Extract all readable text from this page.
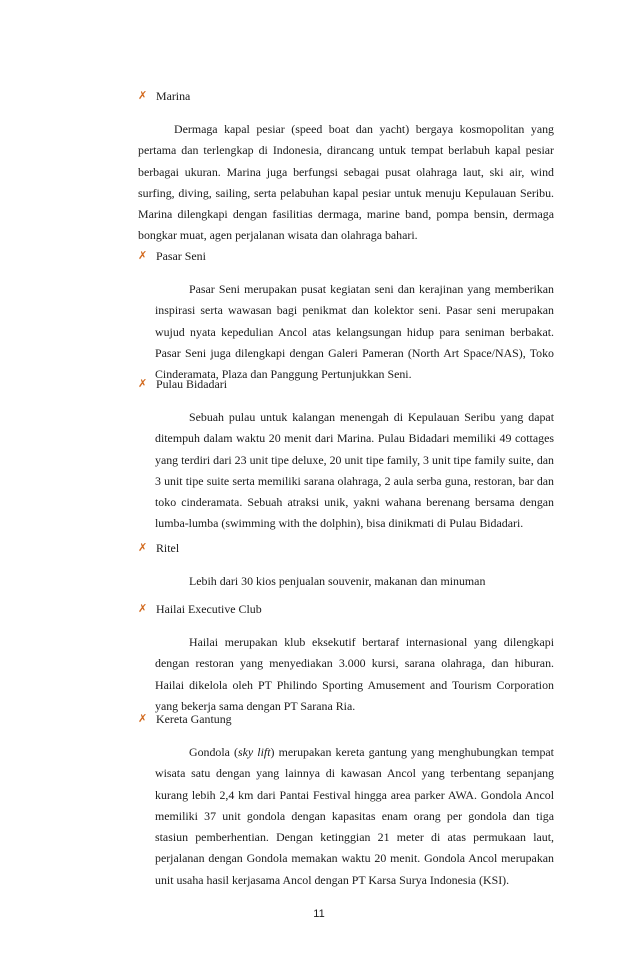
✗ Marina

Dermaga kapal pesiar (speed boat dan yacht) bergaya kosmopolitan yang pertama dan terlengkap di Indonesia, dirancang untuk tempat berlabuh kapal pesiar berbagai ukuran. Marina juga berfungsi sebagai pusat olahraga laut, ski air, wind surfing, diving, sailing, serta pelabuhan kapal pesiar untuk menuju Kepulauan Seribu. Marina dilengkapi dengan fasilitias dermaga, marine band, pompa bensin, dermaga bongkar muat, agen perjalanan wisata dan olahraga bahari.

✗ Pasar Seni

Pasar Seni merupakan pusat kegiatan seni dan kerajinan yang memberikan inspirasi serta wawasan bagi penikmat dan kolektor seni. Pasar seni merupakan wujud nyata kepedulian Ancol atas kelangsungan hidup para seniman berbakat. Pasar Seni juga dilengkapi dengan Galeri Pameran (North Art Space/NAS), Toko Cinderamata, Plaza dan Panggung Pertunjukkan Seni.

✗ Pulau Bidadari

Sebuah pulau untuk kalangan menengah di Kepulauan Seribu yang dapat ditempuh dalam waktu 20 menit dari Marina. Pulau Bidadari memiliki 49 cottages yang terdiri dari 23 unit tipe deluxe, 20 unit tipe family, 3 unit tipe family suite, dan 3 unit tipe suite serta memiliki sarana olahraga, 2 aula serba guna, restoran, bar dan toko cinderamata. Sebuah atraksi unik, yakni wahana berenang bersama dengan lumba-lumba (swimming with the dolphin), bisa dinikmati di Pulau Bidadari.

✗ Ritel

Lebih dari 30 kios penjualan souvenir, makanan dan minuman

✗ Hailai Executive Club

Hailai merupakan klub eksekutif bertaraf internasional yang dilengkapi dengan restoran yang menyediakan 3.000 kursi, sarana olahraga, dan hiburan. Hailai dikelola oleh PT Philindo Sporting Amusement and Tourism Corporation yang bekerja sama dengan PT Sarana Ria.

✗ Kereta Gantung

Gondola (sky lift) merupakan kereta gantung yang menghubungkan tempat wisata satu dengan yang lainnya di kawasan Ancol yang terbentang sepanjang kurang lebih 2,4 km dari Pantai Festival hingga area parker AWA. Gondola Ancol memiliki 37 unit gondola dengan kapasitas enam orang per gondola dan tiga stasiun pemberhentian. Dengan ketinggian 21 meter di atas permukaan laut, perjalanan dengan Gondola memakan waktu 20 menit. Gondola Ancol merupakan unit usaha hasil kerjasama Ancol dengan PT Karsa Surya Indonesia (KSI).

11
